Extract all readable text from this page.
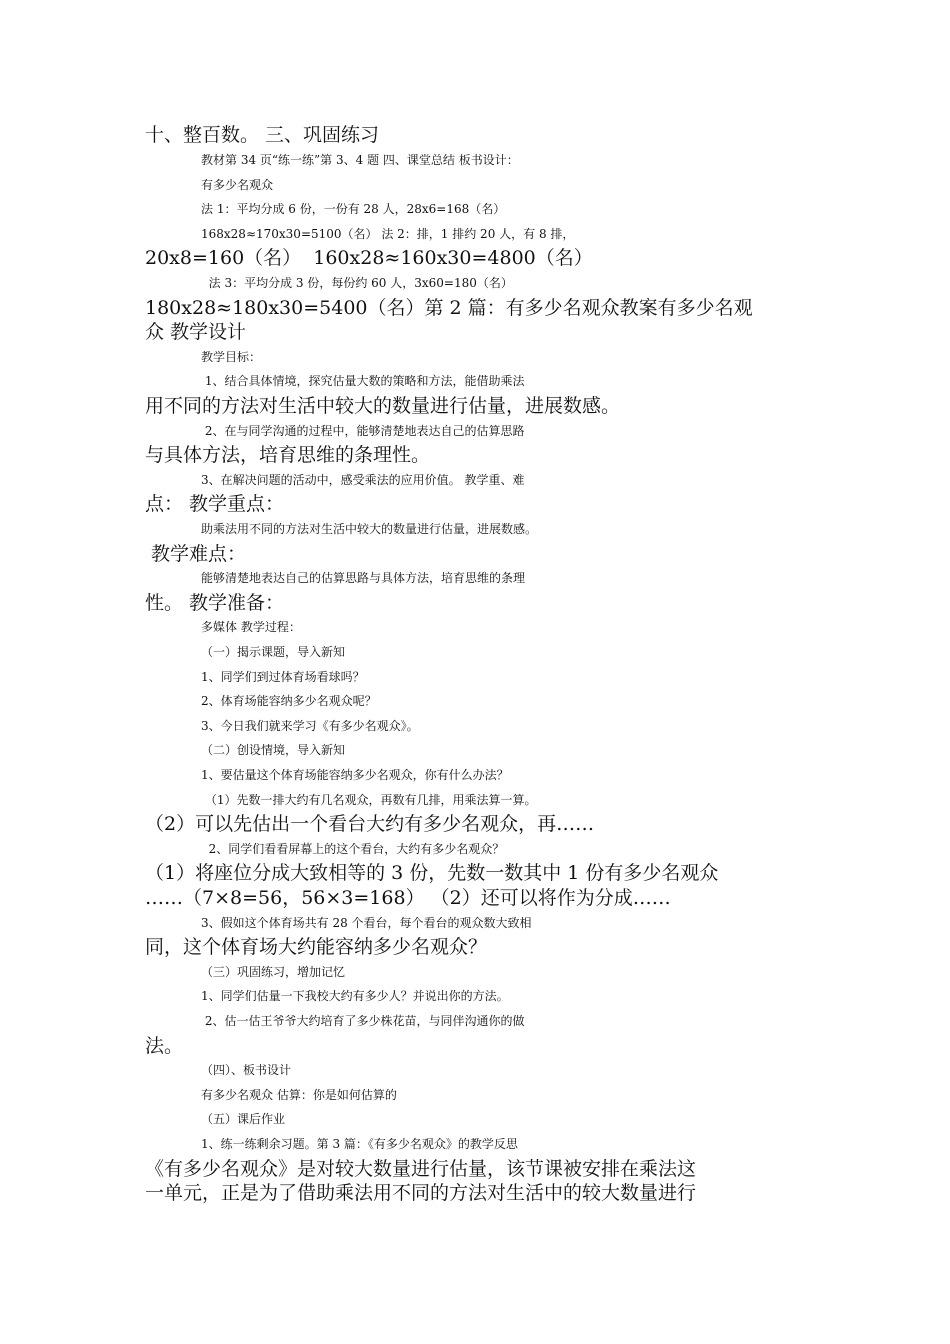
十、整百数。 三、巩固练习
教材第 34 页“练一练”第 3、4 题 四、课堂总结 板书设计：
有多少名观众
法 1：平均分成 6 份，一份有 28 人，28x6=168（名）
168x28≈170x30=5100（名） 法 2：排，1 排约 20 人，有 8 排，
20x8=160（名）  160x28≈160x30=4800（名）
法 3：平均分成 3 份，每份约 60 人，3x60=180（名）
180x28≈180x30=5400（名）第 2 篇：有多少名观众教案有多少名观
众 教学设计
教学目标：
1、结合具体情境，探究估量大数的策略和方法，能借助乘法
用不同的方法对生活中较大的数量进行估量，进展数感。
2、在与同学沟通的过程中，能够清楚地表达自己的估算思路
与具体方法，培育思维的条理性。
3、在解决问题的活动中，感受乘法的应用价值。 教学重、难
点： 教学重点：
助乘法用不同的方法对生活中较大的数量进行估量，进展数感。
教学难点：
能够清楚地表达自己的估算思路与具体方法，培育思维的条理
性。 教学准备：
多媒体 教学过程：
（一）揭示课题，导入新知
1、同学们到过体育场看球吗？
2、体育场能容纳多少名观众呢？
3、今日我们就来学习《有多少名观众》。
（二）创设情境，导入新知
1、要估量这个体育场能容纳多少名观众，你有什么办法？
（1）先数一排大约有几名观众，再数有几排，用乘法算一算。
（2）可以先估出一个看台大约有多少名观众，再……
2、同学们看看屏幕上的这个看台，大约有多少名观众？
（1）将座位分成大致相等的 3 份，先数一数其中 1 份有多少名观众
……（7×8=56，56×3=168） （2）还可以将作为分成……
3、假如这个体育场共有 28 个看台，每个看台的观众数大致相
同，这个体育场大约能容纳多少名观众？
（三）巩固练习，增加记忆
1、同学们估量一下我校大约有多少人？并说出你的方法。
2、估一估王爷爷大约培育了多少株花苗，与同伴沟通你的做
法。
（四）、板书设计
有多少名观众 估算：你是如何估算的
（五）课后作业
1、练一练剩余习题。第 3 篇：《有多少名观众》的教学反思
《有多少名观众》是对较大数量进行估量，该节课被安排在乘法这
一单元，正是为了借助乘法用不同的方法对生活中的较大数量进行
